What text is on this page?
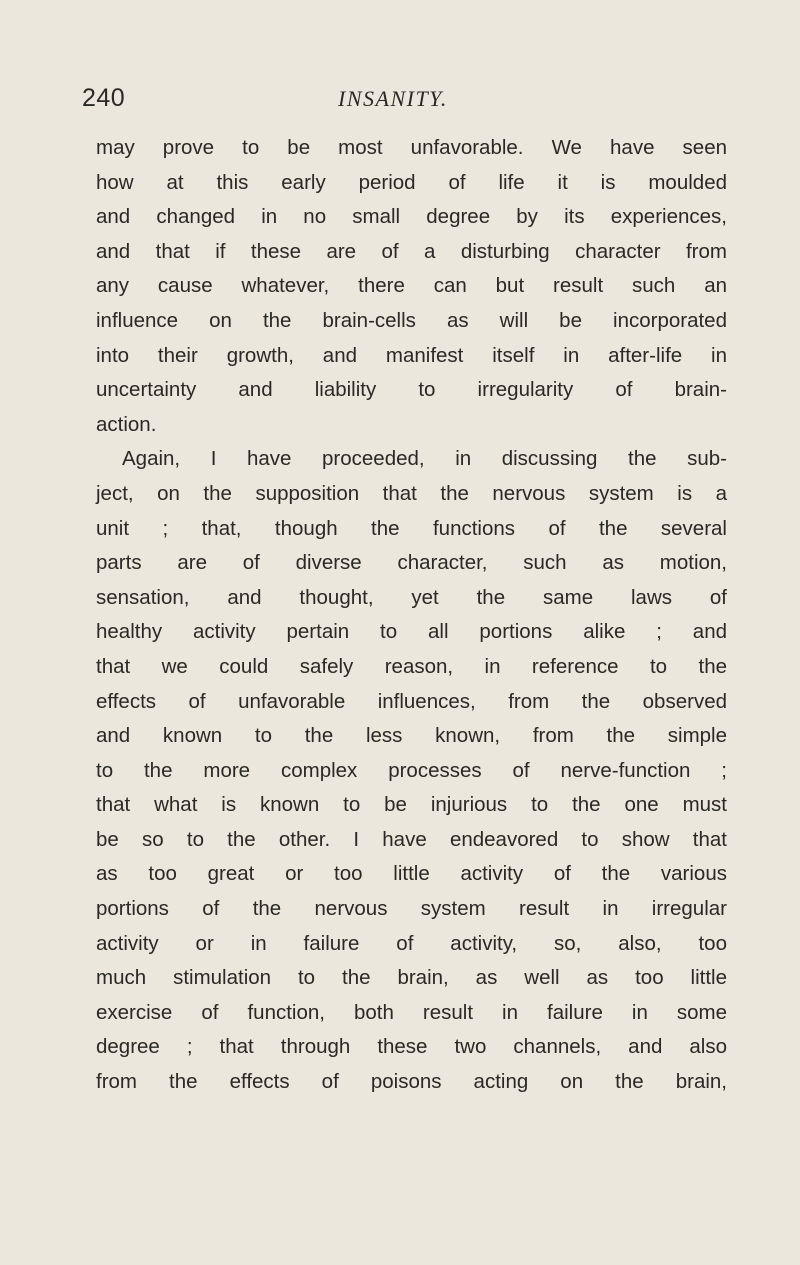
240	INSANITY.
may prove to be most unfavorable. We have seen
how at this early period of life it is moulded
and changed in no small degree by its experiences,
and that if these are of a disturbing character from
any cause whatever, there can but result such an
influence on the brain-cells as will be incorporated
into their growth, and manifest itself in after-life in
uncertainty and liability to irregularity of brain-
action.
Again, I have proceeded, in discussing the sub-
ject, on the supposition that the nervous system is a
unit ; that, though the functions of the several
parts are of diverse character, such as motion,
sensation, and thought, yet the same laws of
healthy activity pertain to all portions alike ; and
that we could safely reason, in reference to the
effects of unfavorable influences, from the observed
and known to the less known, from the simple
to the more complex processes of nerve-function ;
that what is known to be injurious to the one must
be so to the other. I have endeavored to show that
as too great or too little activity of the various
portions of the nervous system result in irregular
activity or in failure of activity, so, also, too
much stimulation to the brain, as well as too little
exercise of function, both result in failure in some
degree ; that through these two channels, and also
from the effects of poisons acting on the brain,
